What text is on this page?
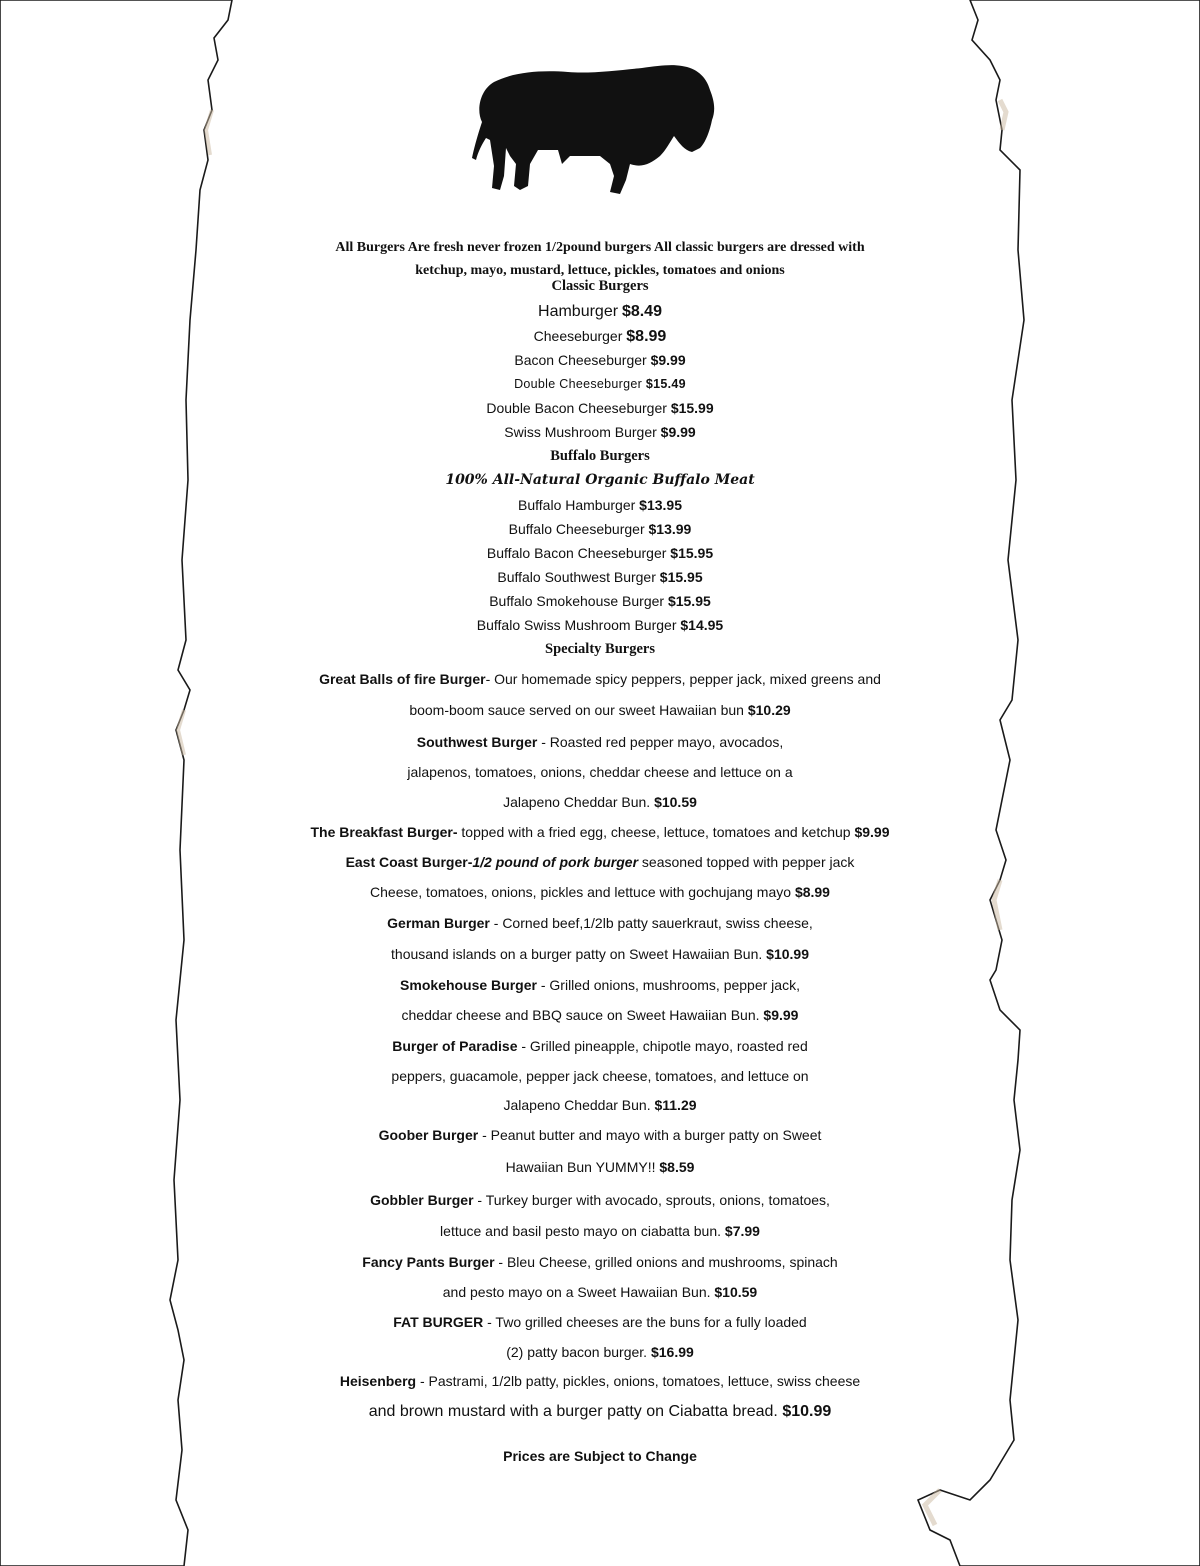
All Burgers Are fresh never frozen 1/2pound burgers All classic burgers are dressed with
ketchup, mayo, mustard, lettuce, pickles, tomatoes and onions
Classic Burgers
Hamburger $8.49
Cheeseburger $8.99
Bacon Cheeseburger $9.99
Double Cheeseburger $15.49
Double Bacon Cheeseburger $15.99
Swiss Mushroom Burger $9.99
Buffalo Burgers
100% All-Natural Organic Buffalo Meat
Buffalo Hamburger $13.95
Buffalo Cheeseburger $13.99
Buffalo Bacon Cheeseburger $15.95
Buffalo Southwest Burger $15.95
Buffalo Smokehouse Burger $15.95
Buffalo Swiss Mushroom Burger $14.95
Specialty Burgers
Great Balls of fire Burger- Our homemade spicy peppers, pepper jack, mixed greens and
boom-boom sauce served on our sweet Hawaiian bun $10.29
Southwest Burger - Roasted red pepper mayo, avocados,
jalapenos, tomatoes, onions, cheddar cheese and lettuce on a
Jalapeno Cheddar Bun. $10.59
The Breakfast Burger- topped with a fried egg, cheese, lettuce, tomatoes and ketchup $9.99
East Coast Burger-1/2 pound of pork burger seasoned topped with pepper jack
Cheese, tomatoes, onions, pickles and lettuce with gochujang mayo $8.99
German Burger - Corned beef,1/2lb patty sauerkraut, swiss cheese,
thousand islands on a burger patty on Sweet Hawaiian Bun. $10.99
Smokehouse Burger - Grilled onions, mushrooms, pepper jack,
cheddar cheese and BBQ sauce on Sweet Hawaiian Bun. $9.99
Burger of Paradise - Grilled pineapple, chipotle mayo, roasted red
peppers, guacamole, pepper jack cheese, tomatoes, and lettuce on
Jalapeno Cheddar Bun. $11.29
Goober Burger - Peanut butter and mayo with a burger patty on Sweet
Hawaiian Bun YUMMY!! $8.59
Gobbler Burger - Turkey burger with avocado, sprouts, onions, tomatoes,
lettuce and basil pesto mayo on ciabatta bun. $7.99
Fancy Pants Burger - Bleu Cheese, grilled onions and mushrooms, spinach
and pesto mayo on a Sweet Hawaiian Bun. $10.59
FAT BURGER - Two grilled cheeses are the buns for a fully loaded
(2) patty bacon burger. $16.99
Heisenberg - Pastrami, 1/2lb patty, pickles, onions, tomatoes, lettuce, swiss cheese
and brown mustard with a burger patty on Ciabatta bread. $10.99
Prices are Subject to Change
